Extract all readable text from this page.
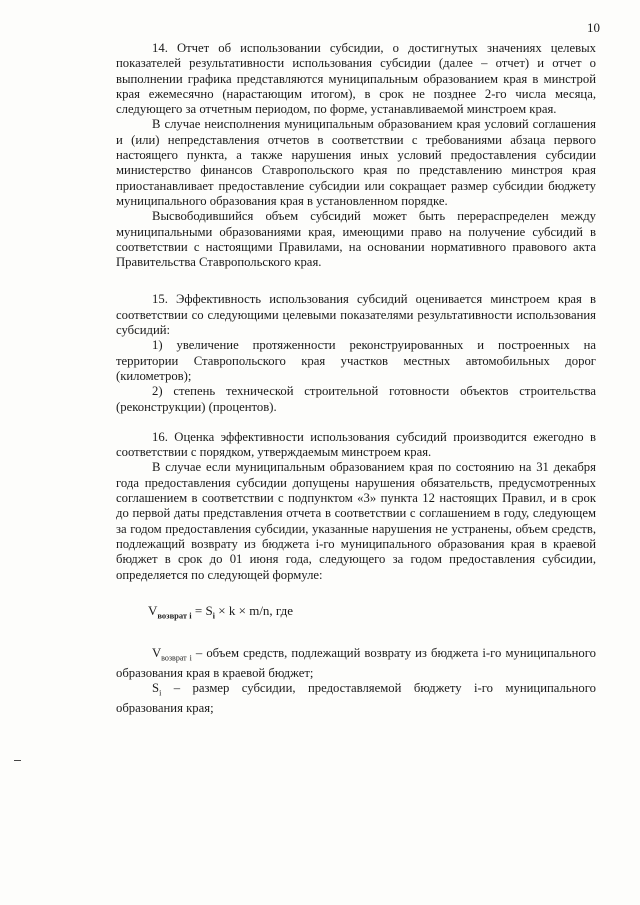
10

14. Отчет об использовании субсидии, о достигнутых значениях целевых показателей результативности использования субсидии (далее – отчет) и отчет о выполнении графика представляются муниципальным образованием края в минстрой края ежемесячно (нарастающим итогом), в срок не позднее 2-го числа месяца, следующего за отчетным периодом, по форме, устанавливаемой минстроем края.

В случае неисполнения муниципальным образованием края условий соглашения и (или) непредставления отчетов в соответствии с требованиями абзаца первого настоящего пункта, а также нарушения иных условий предоставления субсидии министерство финансов Ставропольского края по представлению минстроя края приостанавливает предоставление субсидии или сокращает размер субсидии бюджету муниципального образования края в установленном порядке.

Высвободившийся объем субсидий может быть перераспределен между муниципальными образованиями края, имеющими право на получение субсидий в соответствии с настоящими Правилами, на основании нормативного правового акта Правительства Ставропольского края.

15. Эффективность использования субсидий оценивается минстроем края в соответствии со следующими целевыми показателями результативности использования субсидий:

1) увеличение протяженности реконструированных и построенных на территории Ставропольского края участков местных автомобильных дорог (километров);

2) степень технической строительной готовности объектов строительства (реконструкции) (процентов).

16. Оценка эффективности использования субсидий производится ежегодно в соответствии с порядком, утверждаемым минстроем края.

В случае если муниципальным образованием края по состоянию на 31 декабря года предоставления субсидии допущены нарушения обязательств, предусмотренных соглашением в соответствии с подпунктом «3» пункта 12 настоящих Правил, и в срок до первой даты представления отчета в соответствии с соглашением в году, следующем за годом предоставления субсидии, указанные нарушения не устранены, объем средств, подлежащий возврату из бюджета i-го муниципального образования края в краевой бюджет в срок до 01 июня года, следующего за годом предоставления субсидии, определяется по следующей формуле:

$V_{возврат i} = S_i \times k \times m/n$, где

$V_{возврат i}$ – объем средств, подлежащий возврату из бюджета i-го муниципального образования края в краевой бюджет;

$S_i$ – размер субсидии, предоставляемой бюджету i-го муниципального образования края;
